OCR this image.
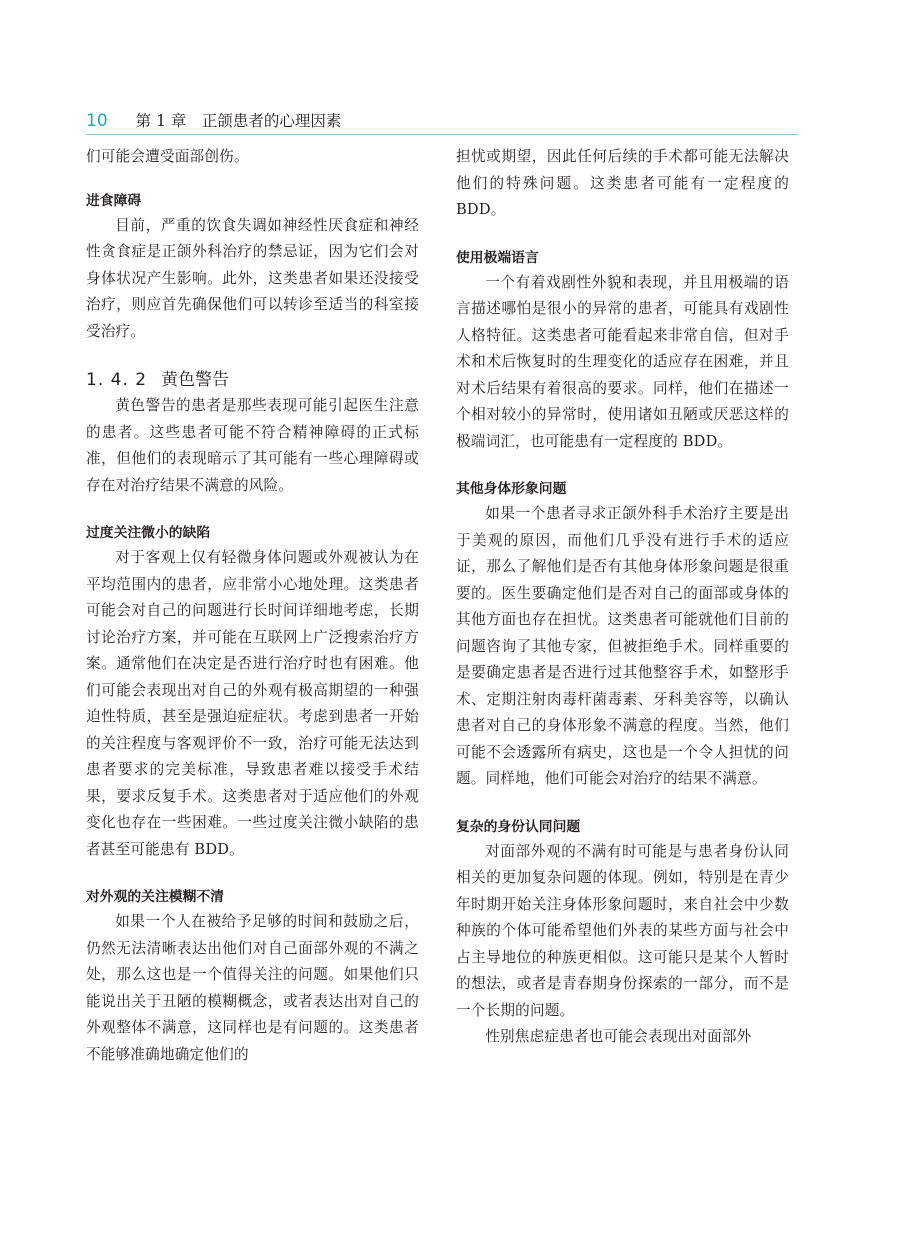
10 第 1 章　正颌患者的心理因素

们可能会遭受面部创伤。

进食障碍

目前，严重的饮食失调如神经性厌食症和神经性贪食症是正颌外科治疗的禁忌证，因为它们会对身体状况产生影响。此外，这类患者如果还没接受治疗，则应首先确保他们可以转诊至适当的科室接受治疗。

1. 4. 2 黄色警告

黄色警告的患者是那些表现可能引起医生注意的患者。这些患者可能不符合精神障碍的正式标准，但他们的表现暗示了其可能有一些心理障碍或存在对治疗结果不满意的风险。

过度关注微小的缺陷

对于客观上仅有轻微身体问题或外观被认为在平均范围内的患者，应非常小心地处理。这类患者可能会对自己的问题进行长时间详细地考虑，长期讨论治疗方案，并可能在互联网上广泛搜索治疗方案。通常他们在决定是否进行治疗时也有困难。他们可能会表现出对自己的外观有极高期望的一种强迫性特质，甚至是强迫症症状。考虑到患者一开始的关注程度与客观评价不一致，治疗可能无法达到患者要求的完美标准，导致患者难以接受手术结果，要求反复手术。这类患者对于适应他们的外观变化也存在一些困难。一些过度关注微小缺陷的患者甚至可能患有 BDD。

对外观的关注模糊不清

如果一个人在被给予足够的时间和鼓励之后，仍然无法清晰表达出他们对自己面部外观的不满之处，那么这也是一个值得关注的问题。如果他们只能说出关于丑陋的模糊概念，或者表达出对自己的外观整体不满意，这同样也是有问题的。这类患者不能够准确地确定他们的

担忧或期望，因此任何后续的手术都可能无法解决他们的特殊问题。这类患者可能有一定程度的 BDD。

使用极端语言

一个有着戏剧性外貌和表现，并且用极端的语言描述哪怕是很小的异常的患者，可能具有戏剧性人格特征。这类患者可能看起来非常自信，但对手术和术后恢复时的生理变化的适应存在困难，并且对术后结果有着很高的要求。同样，他们在描述一个相对较小的异常时，使用诸如丑陋或厌恶这样的极端词汇，也可能患有一定程度的 BDD。

其他身体形象问题

如果一个患者寻求正颌外科手术治疗主要是出于美观的原因，而他们几乎没有进行手术的适应证，那么了解他们是否有其他身体形象问题是很重要的。医生要确定他们是否对自己的面部或身体的其他方面也存在担忧。这类患者可能就他们目前的问题咨询了其他专家，但被拒绝手术。同样重要的是要确定患者是否进行过其他整容手术，如整形手术、定期注射肉毒杆菌毒素、牙科美容等，以确认患者对自己的身体形象不满意的程度。当然，他们可能不会透露所有病史，这也是一个令人担忧的问题。同样地，他们可能会对治疗的结果不满意。

复杂的身份认同问题

对面部外观的不满有时可能是与患者身份认同相关的更加复杂问题的体现。例如，特别是在青少年时期开始关注身体形象问题时，来自社会中少数种族的个体可能希望他们外表的某些方面与社会中占主导地位的种族更相似。这可能只是某个人暂时的想法，或者是青春期身份探索的一部分，而不是一个长期的问题。

性别焦虑症患者也可能会表现出对面部外
